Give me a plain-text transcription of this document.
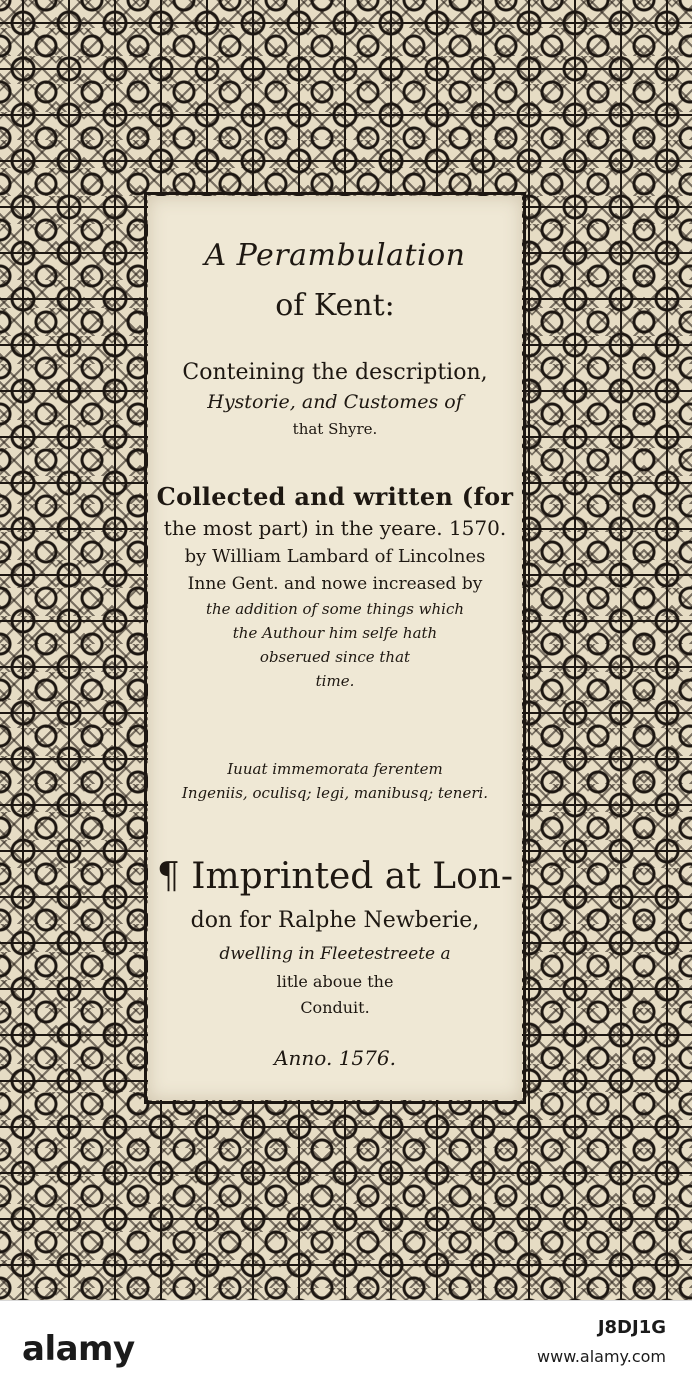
A Perambulation
of Kent:
Conteining the description,
Hystorie, and Customes of
that Shyre.
Collected and written (for
the most part) in the yeare. 1570.
by William Lambard of Lincolnes
Inne Gent. and nowe increased by
the addition of some things which
the Authour him selfe hath
obserued since that
time.
Iuuat immemorata ferentem
Ingeniis, oculisq; legi, manibusq; teneri.
¶ Imprinted at Lon-
don for Ralphe Newberie,
dwelling in Fleetestreete a
litle aboue the
Conduit.
Anno. 1576.
alamy
J8DJ1G
www.alamy.com
